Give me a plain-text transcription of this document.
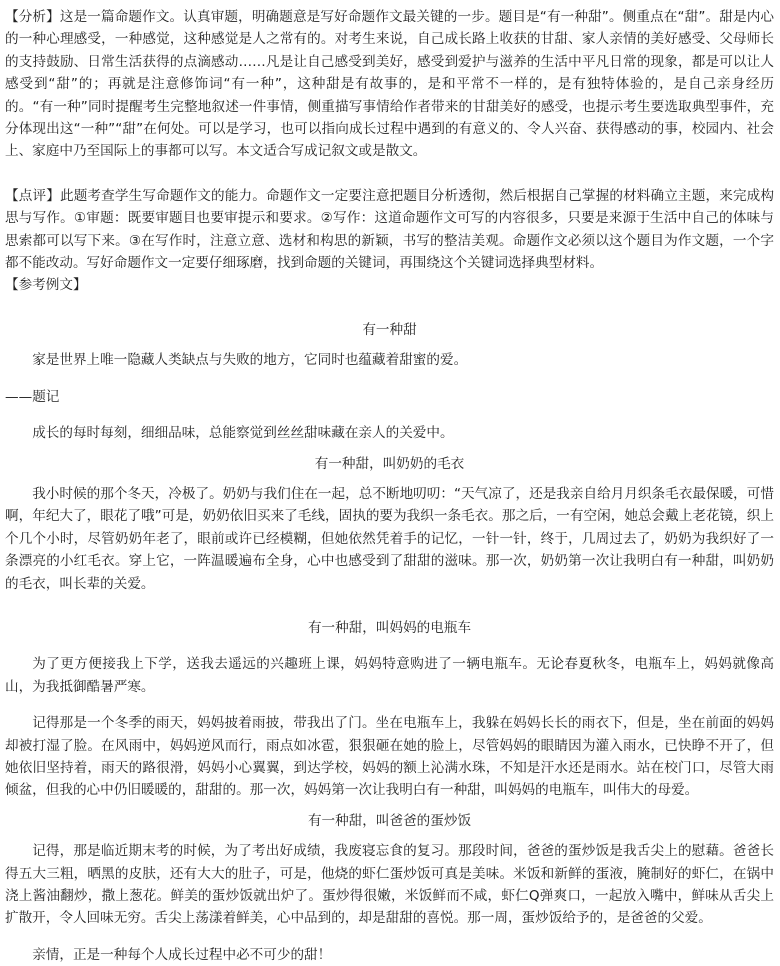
【分析】这是一篇命题作文。认真审题，明确题意是写好命题作文最关键的一步。题目是“有一种甜”。侧重点在“甜”。甜是内心的一种心理感受，一种感觉，这种感觉是人之常有的。对考生来说，自己成长路上收获的甘甜、家人亲情的美好感受、父母师长的支持鼓励、日常生活获得的点滴感动……凡是让自己感受到美好，感受到爱护与滋养的生活中平凡日常的现象，都是可以让人感受到“甜”的；再就是注意修饰词“有一种”，这种甜是有故事的，是和平常不一样的，是有独特体验的，是自己亲身经历的。“有一种”同时提醒考生完整地叙述一件事情，侧重描写事情给作者带来的甘甜美好的感受，也提示考生要选取典型事件，充分体现出这“一种”“甜”在何处。可以是学习，也可以指向成长过程中遇到的有意义的、令人兴奋、获得感动的事，校园内、社会上、家庭中乃至国际上的事都可以写。本文适合写成记叙文或是散文。

【点评】此题考查学生写命题作文的能力。命题作文一定要注意把题目分析透彻，然后根据自己掌握的材料确立主题，来完成构思与写作。①审题：既要审题目也要审提示和要求。②写作：这道命题作文可写的内容很多，只要是来源于生活中自己的体味与思索都可以写下来。③在写作时，注意立意、选材和构思的新颖，书写的整洁美观。命题作文必须以这个题目为作文题，一个字都不能改动。写好命题作文一定要仔细琢磨，找到命题的关键词，再围绕这个关键词选择典型材料。

【参考例文】

有一种甜

家是世界上唯一隐藏人类缺点与失败的地方，它同时也蕴藏着甜蜜的爱。

——题记

成长的每时每刻，细细品味，总能察觉到丝丝甜味藏在亲人的关爱中。

有一种甜，叫奶奶的毛衣

我小时候的那个冬天，冷极了。奶奶与我们住在一起，总不断地叨叨：“天气凉了，还是我亲自给月月织条毛衣最保暖，可惜啊，年纪大了，眼花了哦”可是，奶奶依旧买来了毛线，固执的要为我织一条毛衣。那之后，一有空闲，她总会戴上老花镜，织上个几个小时，尽管奶奶年老了，眼前或许已经模糊，但她依然凭着手的记忆，一针一针，终于，几周过去了，奶奶为我织好了一条漂亮的小红毛衣。穿上它，一阵温暖遍布全身，心中也感受到了甜甜的滋味。那一次，奶奶第一次让我明白有一种甜，叫奶奶的毛衣，叫长辈的关爱。

有一种甜，叫妈妈的电瓶车

为了更方便接我上下学，送我去遥远的兴趣班上课，妈妈特意购进了一辆电瓶车。无论春夏秋冬，电瓶车上，妈妈就像高山，为我抵御酷暑严寒。

记得那是一个冬季的雨天，妈妈披着雨披，带我出了门。坐在电瓶车上，我躲在妈妈长长的雨衣下，但是，坐在前面的妈妈却被打湿了脸。在风雨中，妈妈逆风而行，雨点如冰雹，狠狠砸在她的脸上，尽管妈妈的眼睛因为灌入雨水，已快睁不开了，但她依旧坚持着，雨天的路很滑，妈妈小心翼翼，到达学校，妈妈的额上沁满水珠，不知是汗水还是雨水。站在校门口，尽管大雨倾盆，但我的心中仍旧暖暖的，甜甜的。那一次，妈妈第一次让我明白有一种甜，叫妈妈的电瓶车，叫伟大的母爱。

有一种甜，叫爸爸的蛋炒饭

记得，那是临近期末考的时候，为了考出好成绩，我废寝忘食的复习。那段时间，爸爸的蛋炒饭是我舌尖上的慰藉。爸爸长得五大三粗，晒黑的皮肤，还有大大的肚子，可是，他烧的虾仁蛋炒饭可真是美味。米饭和新鲜的蛋液，腌制好的虾仁，在锅中浇上酱油翻炒，撒上葱花。鲜美的蛋炒饭就出炉了。蛋炒得很嫩，米饭鲜而不咸，虾仁Q弹爽口，一起放入嘴中，鲜味从舌尖上扩散开，令人回味无穷。舌尖上荡漾着鲜美，心中品到的，却是甜甜的喜悦。那一周，蛋炒饭给予的，是爸爸的父爱。

亲情，正是一种每个人成长过程中必不可少的甜！
